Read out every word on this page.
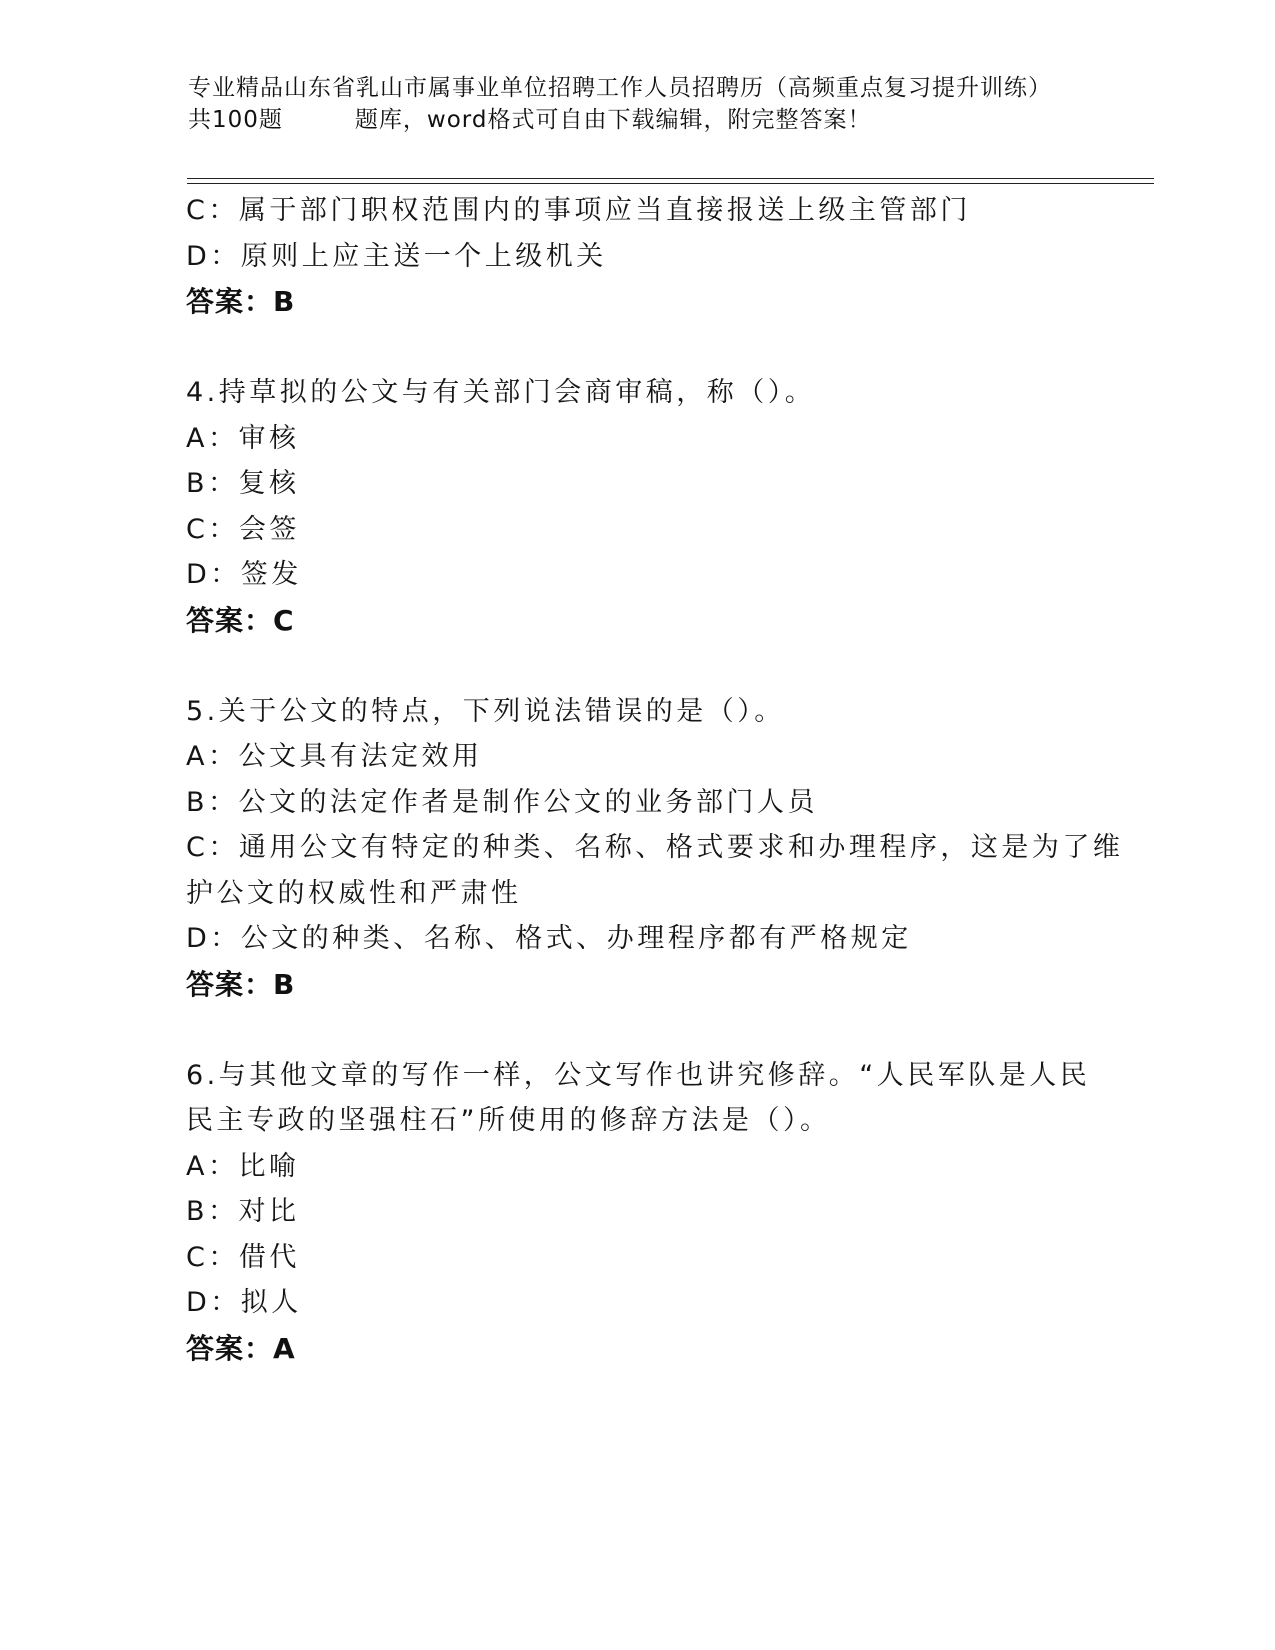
专业精品山东省乳山市属事业单位招聘工作人员招聘历（高频重点复习提升训练）
共100题	题库，word格式可自由下载编辑，附完整答案！
C：属于部门职权范围内的事项应当直接报送上级主管部门
D：原则上应主送一个上级机关
答案：B
4.持草拟的公文与有关部门会商审稿，称（）。
A：审核
B：复核
C：会签
D：签发
答案：C
5.关于公文的特点，下列说法错误的是（）。
A：公文具有法定效用
B：公文的法定作者是制作公文的业务部门人员
C：通用公文有特定的种类、名称、格式要求和办理程序，这是为了维
护公文的权威性和严肃性
D：公文的种类、名称、格式、办理程序都有严格规定
答案：B
6.与其他文章的写作一样，公文写作也讲究修辞。“人民军队是人民
民主专政的坚强柱石”所使用的修辞方法是（）。
A：比喻
B：对比
C：借代
D：拟人
答案：A
